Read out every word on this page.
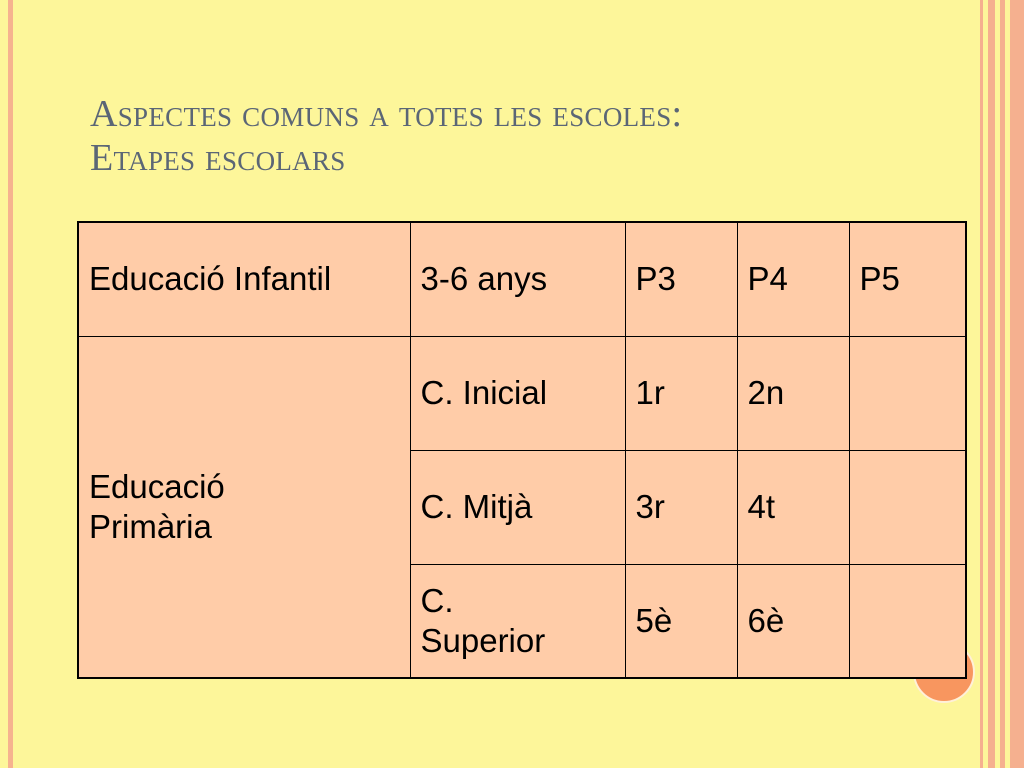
Aspectes comuns a totes les escoles:
Etapes escolars
Educació Infantil	3-6 anys	P3	P4	P5

Educació
Primària	C. Inicial	1r	2n	
	C. Mitjà	3r	4t	

	C.
Superior	5è	6è	
